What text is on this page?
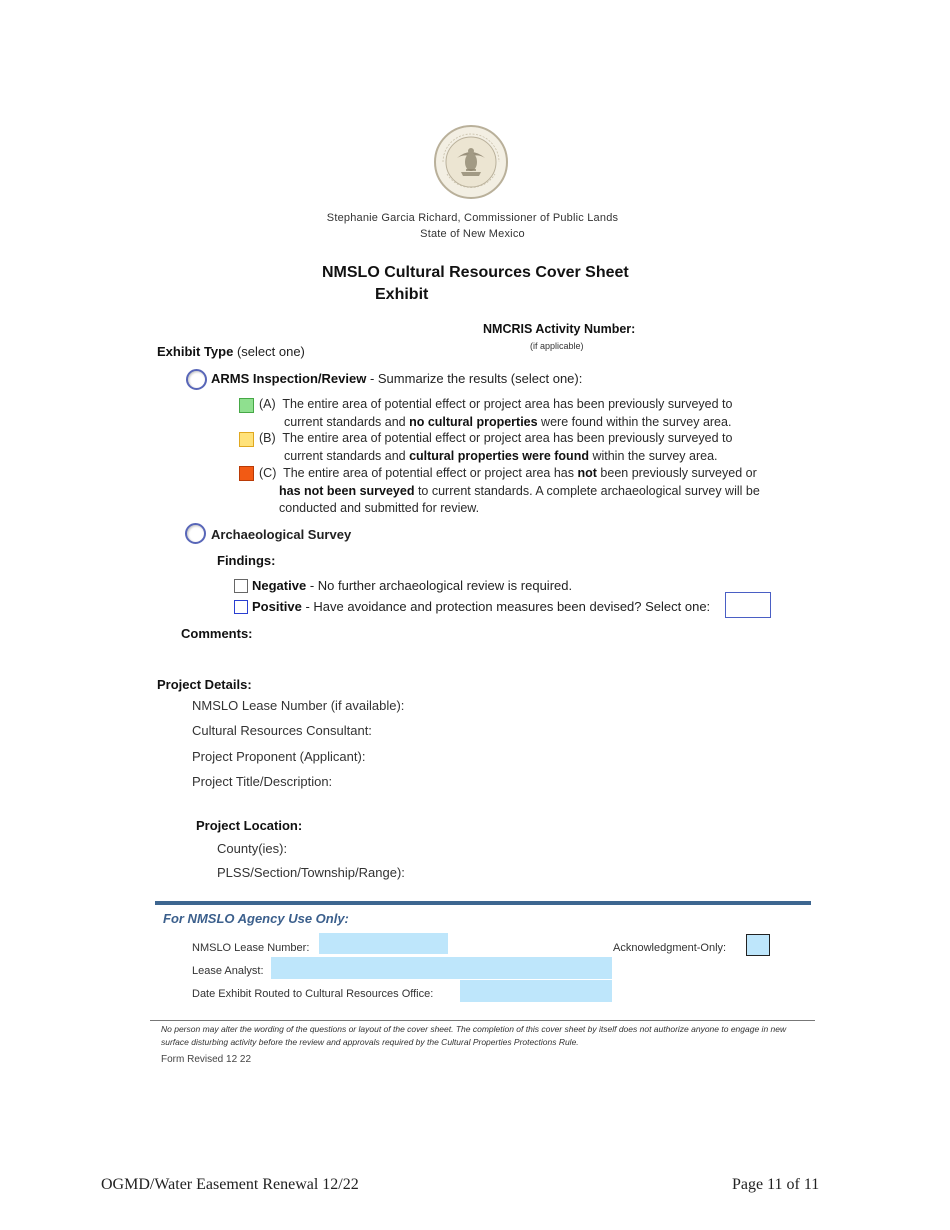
Stephanie Garcia Richard, Commissioner of Public Lands
State of New Mexico
NMSLO Cultural Resources Cover Sheet
Exhibit
NMCRIS Activity Number:
(if applicable)
Exhibit Type (select one)
ARMS Inspection/Review - Summarize the results (select one):
(A) The entire area of potential effect or project area has been previously surveyed to
current standards and no cultural properties were found within the survey area.
(B) The entire area of potential effect or project area has been previously surveyed to
current standards and cultural properties were found within the survey area.
(C) The entire area of potential effect or project area has not been previously surveyed or
has not been surveyed to current standards. A complete archaeological survey will be
conducted and submitted for review.
Archaeological Survey
Findings:
Negative - No further archaeological review is required.
Positive - Have avoidance and protection measures been devised? Select one:
Comments:
Project Details:
NMSLO Lease Number (if available):
Cultural Resources Consultant:
Project Proponent (Applicant):
Project Title/Description:
Project Location:
County(ies):
PLSS/Section/Township/Range):
For NMSLO Agency Use Only:
NMSLO Lease Number:	Acknowledgment-Only:
Lease Analyst:
Date Exhibit Routed to Cultural Resources Office:
No person may alter the wording of the questions or layout of the cover sheet. The completion of this cover sheet by itself does not authorize anyone to engage in new surface disturbing activity before the review and approvals required by the Cultural Properties Protections Rule.
Form Revised 12 22
OGMD/Water Easement Renewal 12/22	Page 11 of 11
